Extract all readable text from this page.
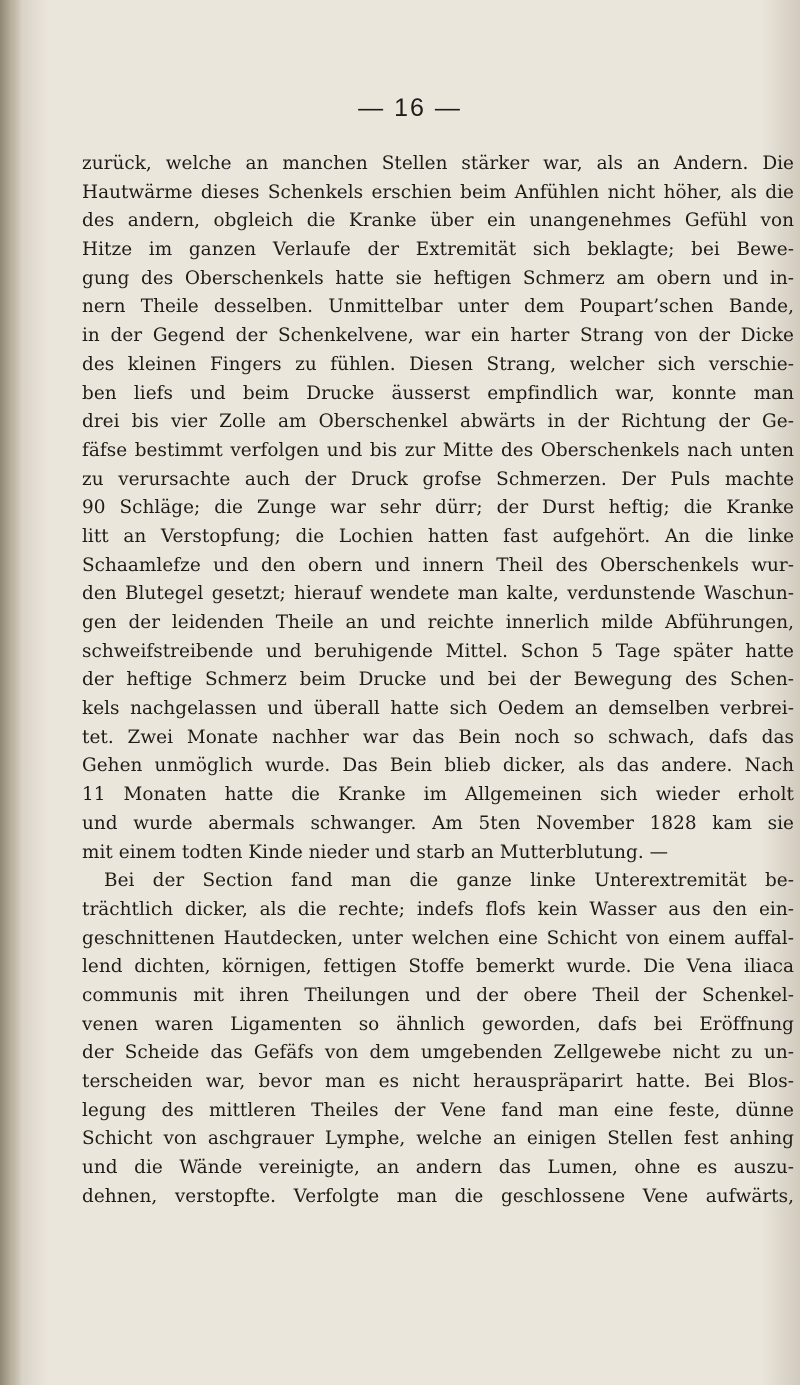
— 16 —
zurück, welche an manchen Stellen stärker war, als an Andern. Die
Hautwärme dieses Schenkels erschien beim Anfühlen nicht höher, als die
des andern, obgleich die Kranke über ein unangenehmes Gefühl von
Hitze im ganzen Verlaufe der Extremität sich beklagte; bei Bewe-
gung des Oberschenkels hatte sie heftigen Schmerz am obern und in-
nern Theile desselben. Unmittelbar unter dem Poupart’schen Bande,
in der Gegend der Schenkelvene, war ein harter Strang von der Dicke
des kleinen Fingers zu fühlen. Diesen Strang, welcher sich verschie-
ben liefs und beim Drucke äusserst empfindlich war, konnte man
drei bis vier Zolle am Oberschenkel abwärts in der Richtung der Ge-
fäfse bestimmt verfolgen und bis zur Mitte des Oberschenkels nach unten
zu verursachte auch der Druck grofse Schmerzen. Der Puls machte
90 Schläge; die Zunge war sehr dürr; der Durst heftig; die Kranke
litt an Verstopfung; die Lochien hatten fast aufgehört. An die linke
Schaamlefze und den obern und innern Theil des Oberschenkels wur-
den Blutegel gesetzt; hierauf wendete man kalte, verdunstende Waschun-
gen der leidenden Theile an und reichte innerlich milde Abführungen,
schweifstreibende und beruhigende Mittel. Schon 5 Tage später hatte
der heftige Schmerz beim Drucke und bei der Bewegung des Schen-
kels nachgelassen und überall hatte sich Oedem an demselben verbrei-
tet. Zwei Monate nachher war das Bein noch so schwach, dafs das
Gehen unmöglich wurde. Das Bein blieb dicker, als das andere. Nach
11 Monaten hatte die Kranke im Allgemeinen sich wieder erholt
und wurde abermals schwanger. Am 5ten November 1828 kam sie
mit einem todten Kinde nieder und starb an Mutterblutung. —
Bei der Section fand man die ganze linke Unterextremität be-
trächtlich dicker, als die rechte; indefs flofs kein Wasser aus den ein-
geschnittenen Hautdecken, unter welchen eine Schicht von einem auffal-
lend dichten, körnigen, fettigen Stoffe bemerkt wurde. Die Vena iliaca
communis mit ihren Theilungen und der obere Theil der Schenkel-
venen waren Ligamenten so ähnlich geworden, dafs bei Eröffnung
der Scheide das Gefäfs von dem umgebenden Zellgewebe nicht zu un-
terscheiden war, bevor man es nicht herauspräparirt hatte. Bei Blos-
legung des mittleren Theiles der Vene fand man eine feste, dünne
Schicht von aschgrauer Lymphe, welche an einigen Stellen fest anhing
und die Wände vereinigte, an andern das Lumen, ohne es auszu-
dehnen, verstopfte. Verfolgte man die geschlossene Vene aufwärts,
